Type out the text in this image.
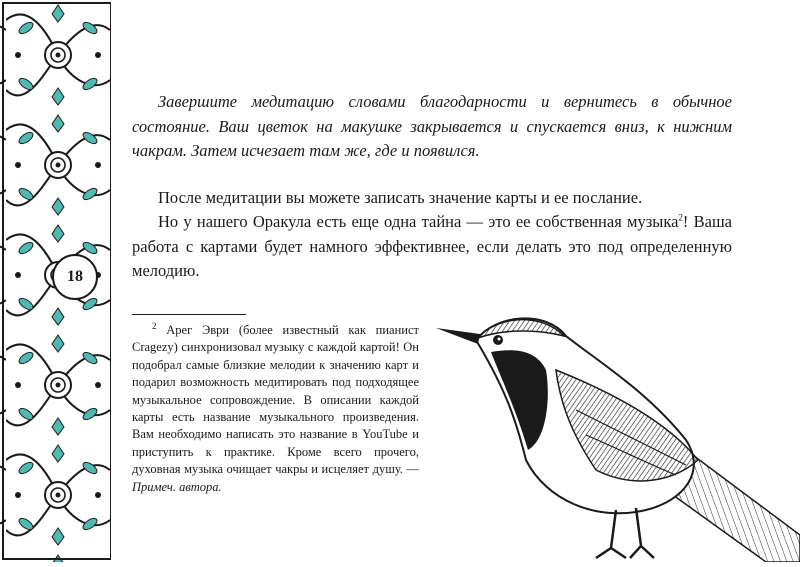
18

Завершите медитацию словами благодарности и вернитесь в обычное состояние. Ваш цветок на макушке закрывается и спускается вниз, к нижним чакрам. Затем исчезает там же, где и появился.

После медитации вы можете записать значение карты и ее послание.

Но у нашего Оракула есть еще одна тайна — это ее собственная музыка$^2$! Ваша работа с картами будет намного эффективнее, если делать это под определенную мелодию.

$^2$ Арег Эври (более известный как пианист Cragezy) синхронизовал музыку с каждой картой! Он подобрал самые близкие мелодии к значению карт и подарил возможность медитировать под подходящее музыкальное сопровождение. В описании каждой карты есть название музыкального произведения. Вам необходимо написать это название в YouTube и приступить к практике. Кроме всего прочего, духовная музыка очищает чакры и исцеляет душу. — Примеч. автора.
